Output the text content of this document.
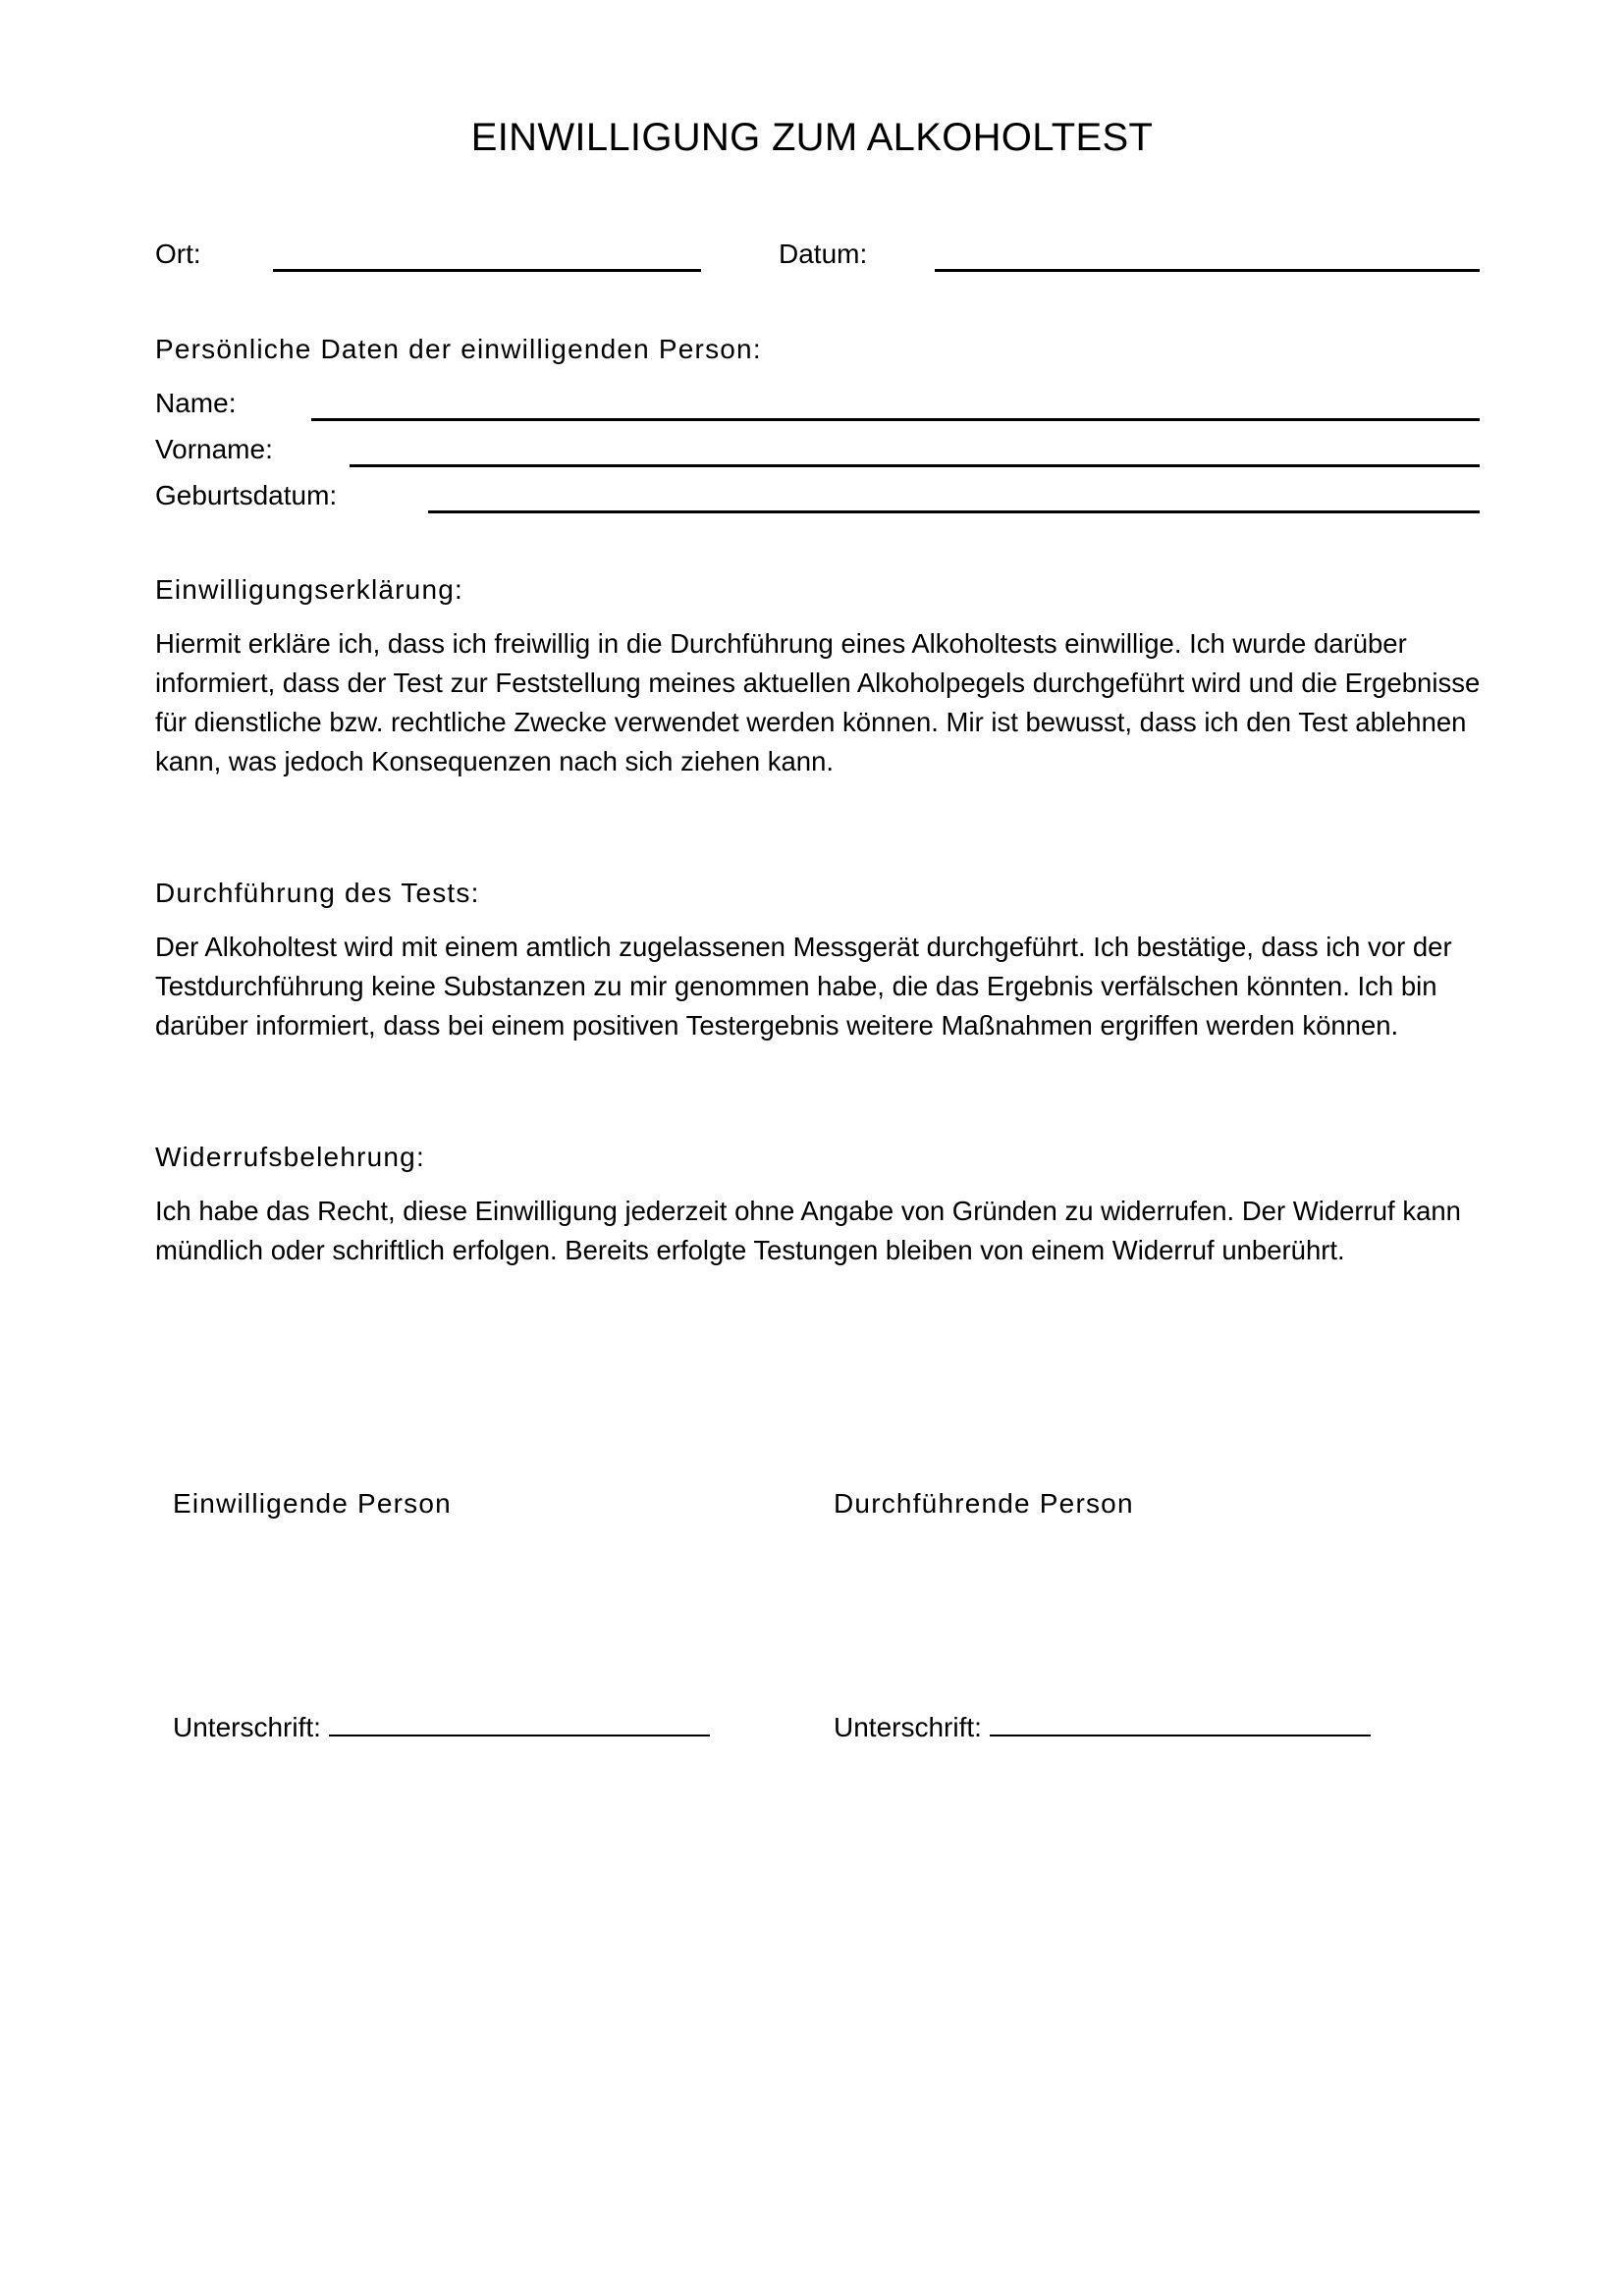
EINWILLIGUNG ZUM ALKOHOLTEST
Ort:	Datum:
Persönliche Daten der einwilligenden Person:
Name:
Vorname:
Geburtsdatum:
Einwilligungserklärung:
Hiermit erkläre ich, dass ich freiwillig in die Durchführung eines Alkoholtests einwillige. Ich wurde darüber informiert, dass der Test zur Feststellung meines aktuellen Alkoholpegels durchgeführt wird und die Ergebnisse für dienstliche bzw. rechtliche Zwecke verwendet werden können. Mir ist bewusst, dass ich den Test ablehnen kann, was jedoch Konsequenzen nach sich ziehen kann.
Durchführung des Tests:
Der Alkoholtest wird mit einem amtlich zugelassenen Messgerät durchgeführt. Ich bestätige, dass ich vor der Testdurchführung keine Substanzen zu mir genommen habe, die das Ergebnis verfälschen könnten. Ich bin darüber informiert, dass bei einem positiven Testergebnis weitere Maßnahmen ergriffen werden können.
Widerrufsbelehrung:
Ich habe das Recht, diese Einwilligung jederzeit ohne Angabe von Gründen zu widerrufen. Der Widerruf kann mündlich oder schriftlich erfolgen. Bereits erfolgte Testungen bleiben von einem Widerruf unberührt.
Einwilligende Person	Durchführende Person
Unterschrift:	Unterschrift:
